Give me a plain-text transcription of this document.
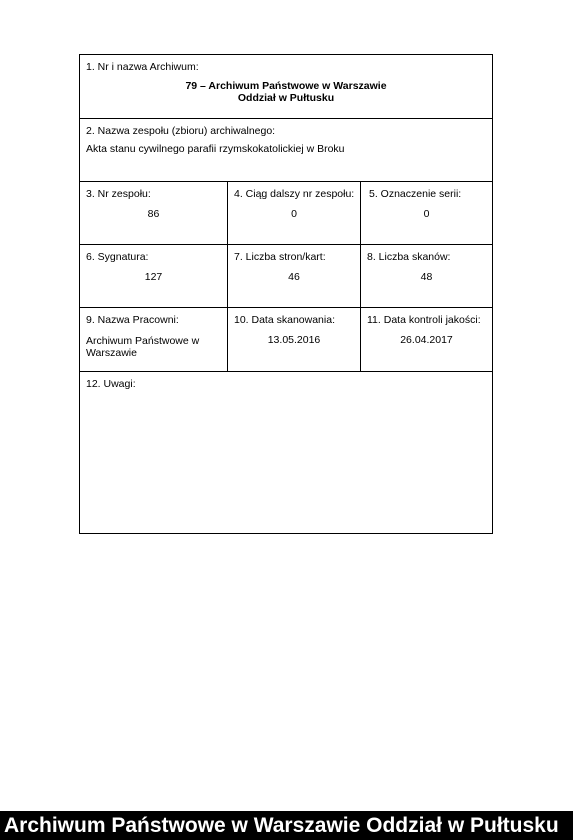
1. Nr i nazwa Archiwum:
79 – Archiwum Państwowe w Warszawie
Oddział w Pułtusku
2. Nazwa zespołu (zbioru) archiwalnego:
Akta stanu cywilnego parafii rzymskokatolickiej w Broku
3. Nr zespołu:
86
4. Ciąg dalszy nr zespołu:
0
5. Oznaczenie serii:
0
6. Sygnatura:
127
7. Liczba stron/kart:
46
8. Liczba skanów:
48
9. Nazwa Pracowni:
Archiwum Państwowe w Warszawie
10. Data skanowania:
13.05.2016
11. Data kontroli jakości:
26.04.2017
12. Uwagi:
Archiwum Państwowe w Warszawie Oddział w Pułtusku
